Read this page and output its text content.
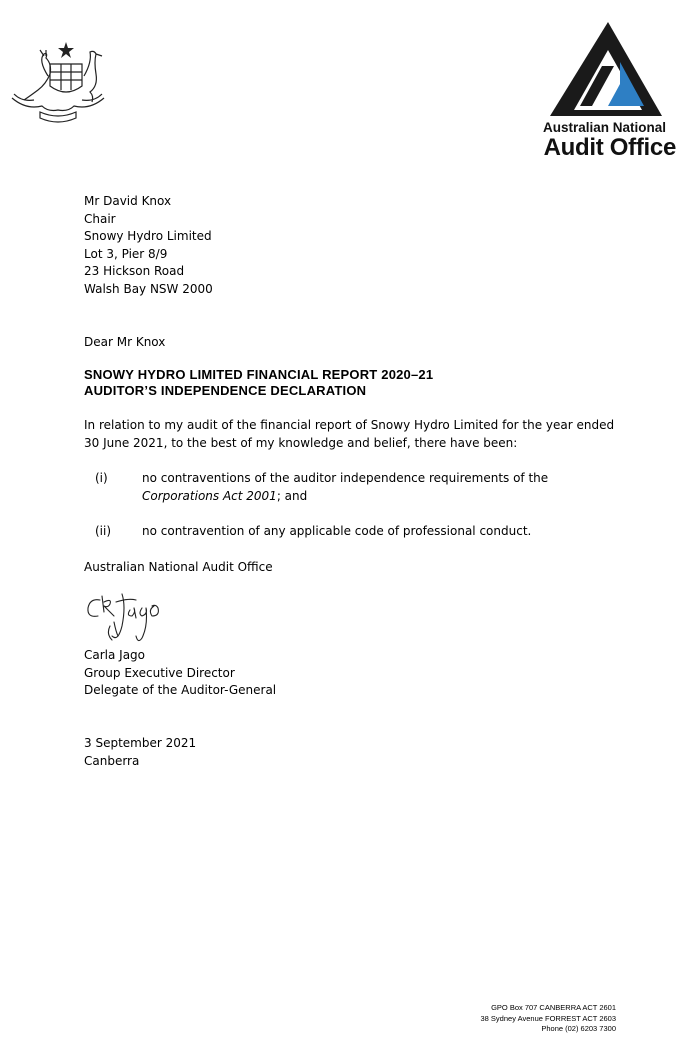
Australian National
Audit Office
Mr David Knox
Chair
Snowy Hydro Limited
Lot 3, Pier 8/9
23 Hickson Road
Walsh Bay NSW 2000
Dear Mr Knox
SNOWY HYDRO LIMITED FINANCIAL REPORT 2020–21
AUDITOR’S INDEPENDENCE DECLARATION
In relation to my audit of the financial report of Snowy Hydro Limited for the year ended 30 June 2021, to the best of my knowledge and belief, there have been:
(i)	no contraventions of the auditor independence requirements of the Corporations Act 2001; and
(ii)	no contravention of any applicable code of professional conduct.
Australian National Audit Office
Carla Jago
Group Executive Director
Delegate of the Auditor-General
3 September 2021
Canberra
GPO Box 707 CANBERRA ACT 2601
38 Sydney Avenue FORREST ACT 2603
Phone (02) 6203 7300
